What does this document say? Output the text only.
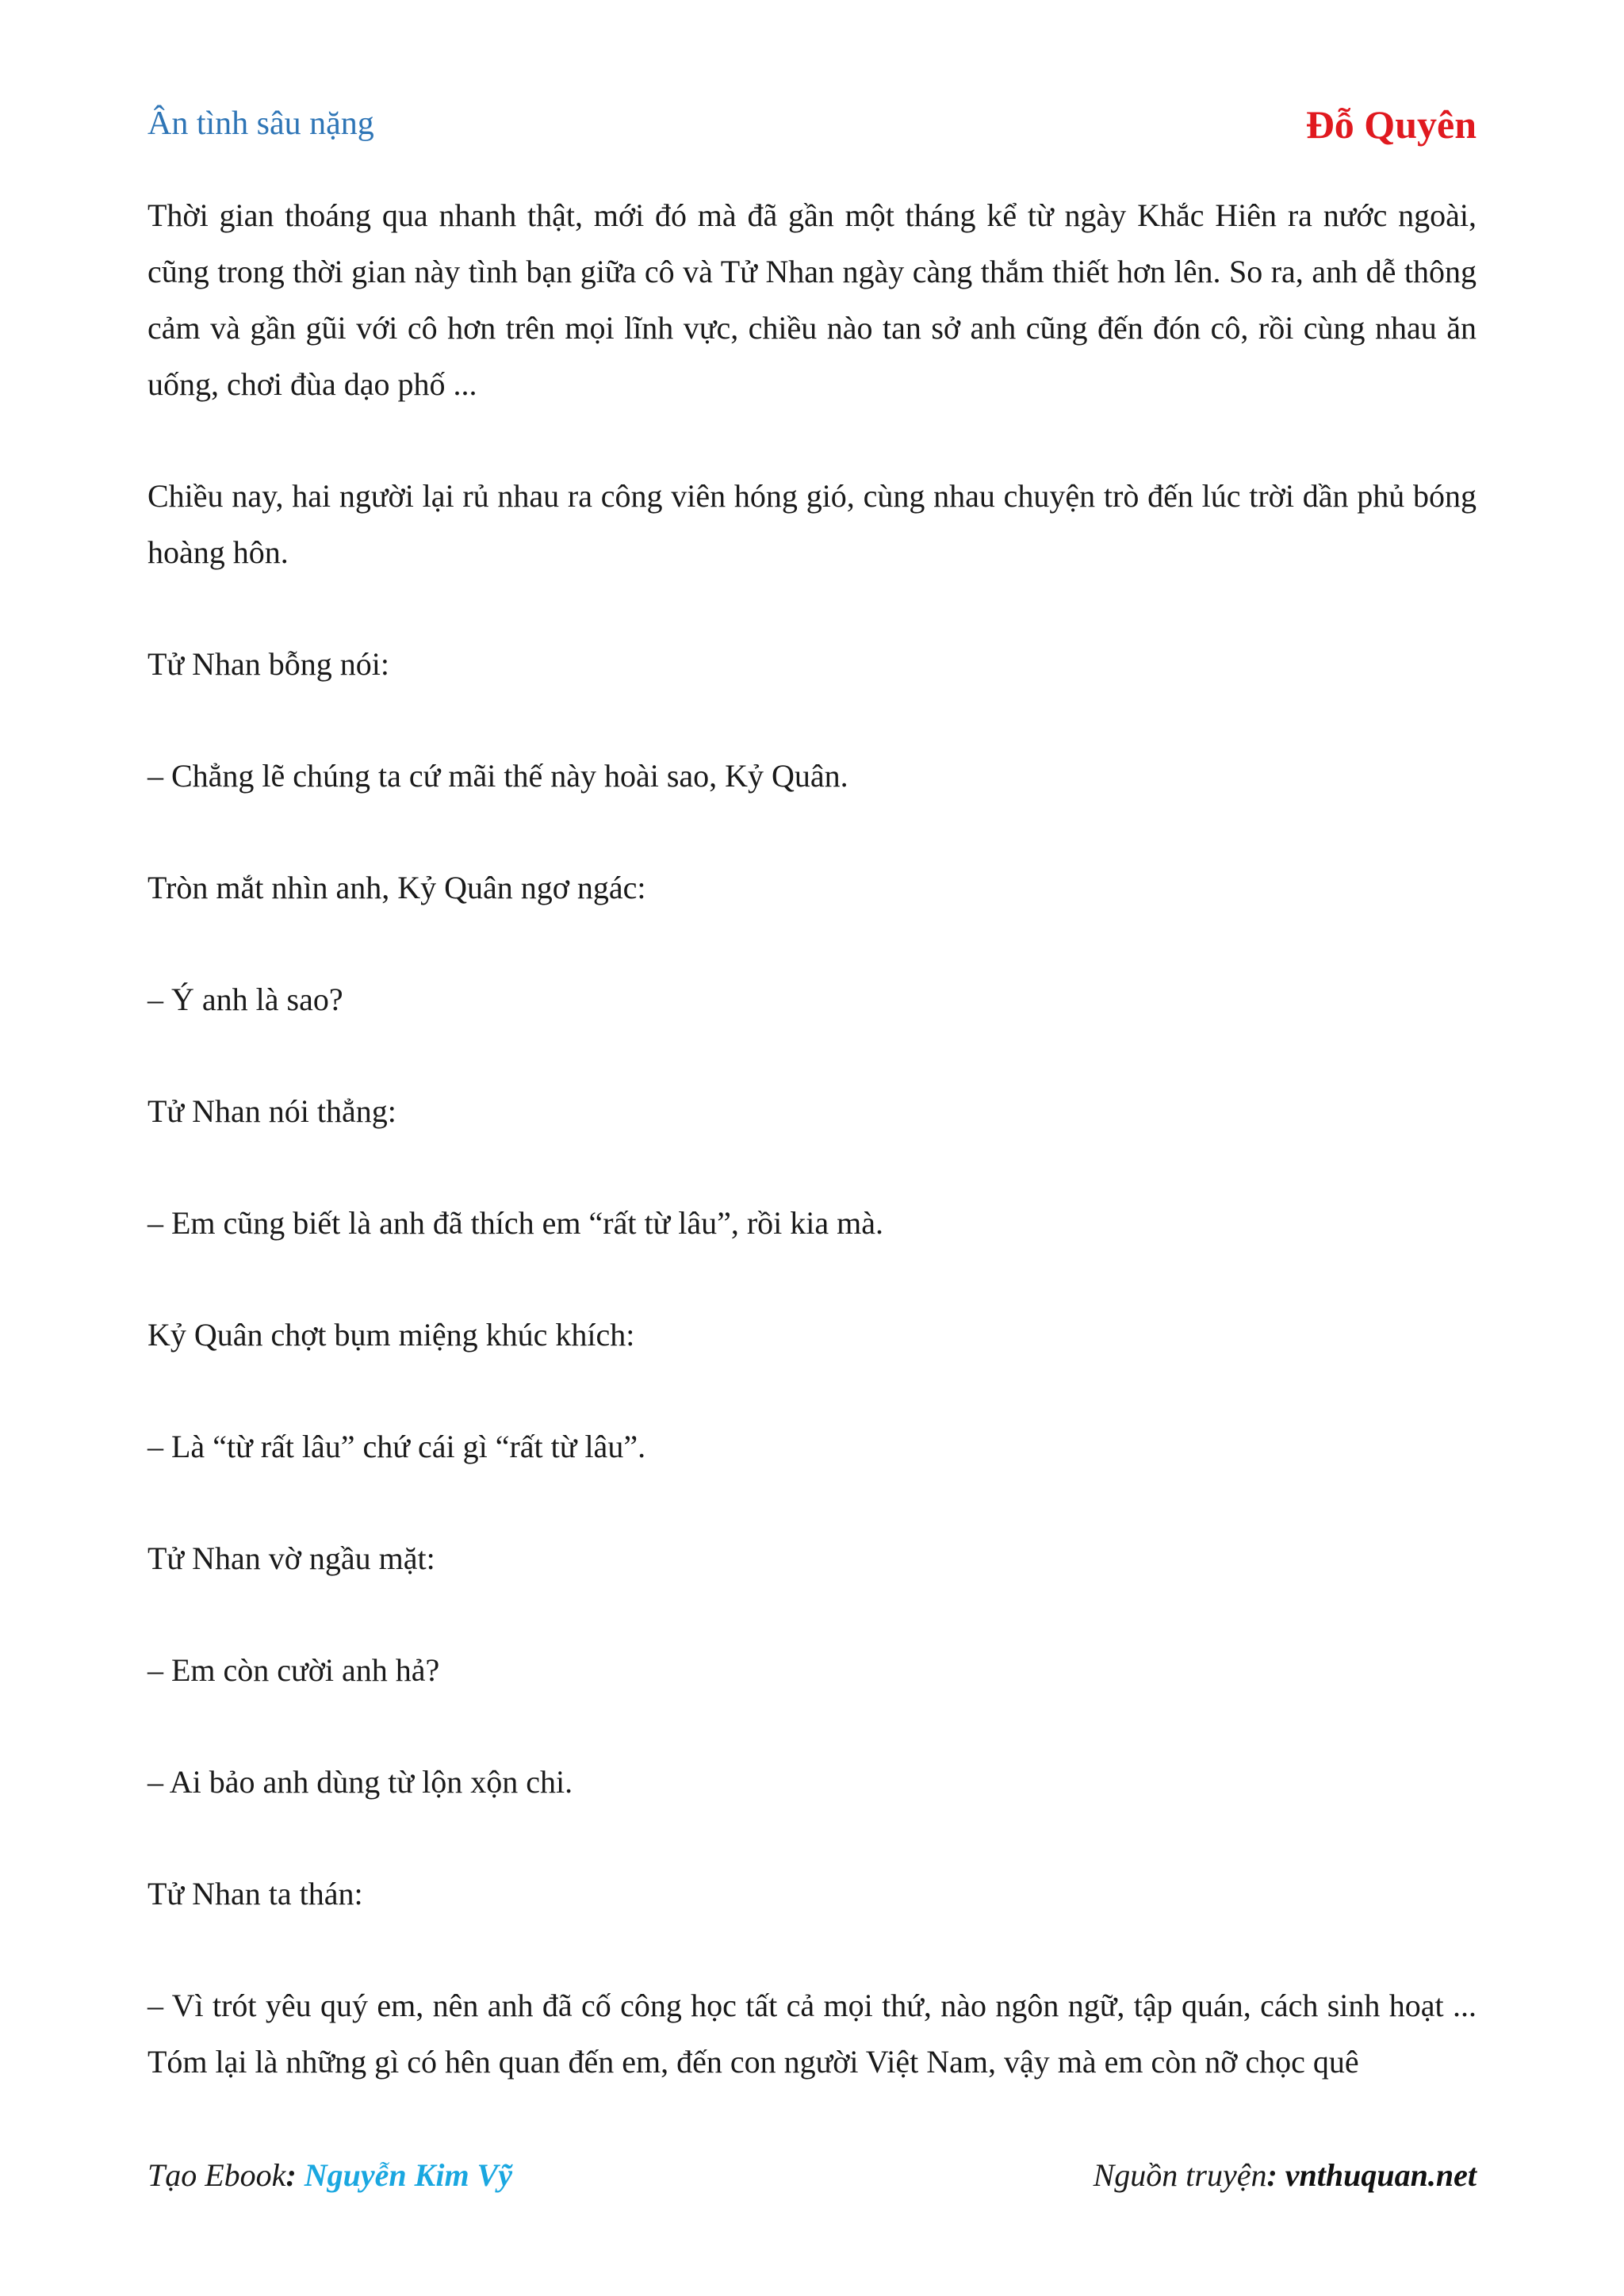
Ân tình sâu nặng	Đỗ Quyên

Thời gian thoáng qua nhanh thật, mới đó mà đã gần một tháng kể từ ngày Khắc Hiên ra nước ngoài, cũng trong thời gian này tình bạn giữa cô và Tử Nhan ngày càng thắm thiết hơn lên. So ra, anh dễ thông cảm và gần gũi với cô hơn trên mọi lĩnh vực, chiều nào tan sở anh cũng đến đón cô, rồi cùng nhau ăn uống, chơi đùa dạo phố ...

Chiều nay, hai người lại rủ nhau ra công viên hóng gió, cùng nhau chuyện trò đến lúc trời dần phủ bóng hoàng hôn.

Tử Nhan bỗng nói:

– Chẳng lẽ chúng ta cứ mãi thế này hoài sao, Kỷ Quân.

Tròn mắt nhìn anh, Kỷ Quân ngơ ngác:

– Ý anh là sao?

Tử Nhan nói thẳng:

– Em cũng biết là anh đã thích em “rất từ lâu”, rồi kia mà.

Kỷ Quân chợt bụm miệng khúc khích:

– Là “từ rất lâu” chứ cái gì “rất từ lâu”.

Tử Nhan vờ ngầu mặt:

– Em còn cười anh hả?

– Ai bảo anh dùng từ lộn xộn chi.

Tử Nhan ta thán:

– Vì trót yêu quý em, nên anh đã cố công học tất cả mọi thứ, nào ngôn ngữ, tập quán, cách sinh hoạt ... Tóm lại là những gì có hên quan đến em, đến con người Việt Nam, vậy mà em còn nỡ chọc quê

Tạo Ebook: Nguyễn Kim Vỹ	Nguồn truyện: vnthuquan.net
